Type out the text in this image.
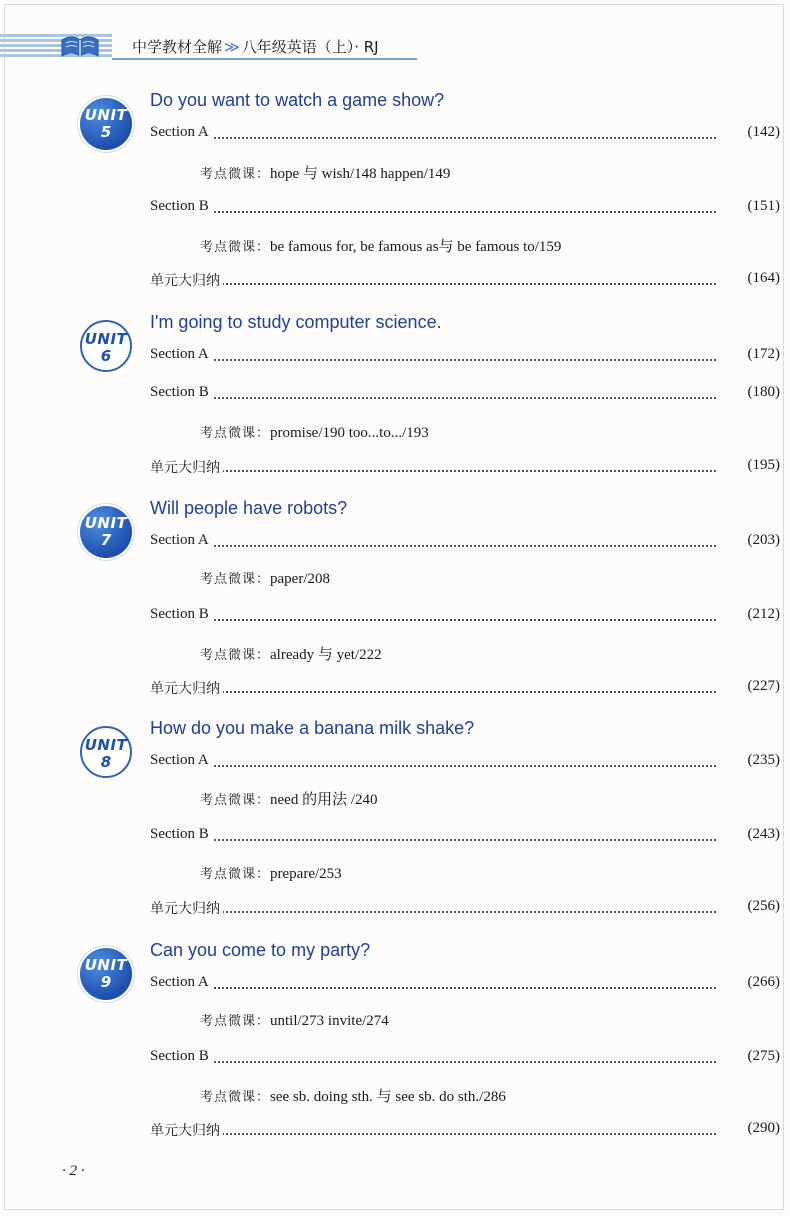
中学教材全解 ≫ 八年级英语（上）· RJ
UNIT
5
Do you want to watch a game show?
Section A	(142)
考点微课：hope 与 wish/148 happen/149
Section B	(151)
考点微课：be famous for, be famous as与 be famous to/159
单元大归纳	(164)
UNIT
6
I'm going to study computer science.
Section A	(172)
Section B	(180)
考点微课：promise/190 too...to.../193
单元大归纳	(195)
UNIT
7
Will people have robots?
Section A	(203)
考点微课：paper/208
Section B	(212)
考点微课：already 与 yet/222
单元大归纳	(227)
UNIT
8
How do you make a banana milk shake?
Section A	(235)
考点微课：need 的用法 /240
Section B	(243)
考点微课：prepare/253
单元大归纳	(256)
UNIT
9
Can you come to my party?
Section A	(266)
考点微课：until/273 invite/274
Section B	(275)
考点微课：see sb. doing sth. 与 see sb. do sth./286
单元大归纳	(290)
· 2 ·
